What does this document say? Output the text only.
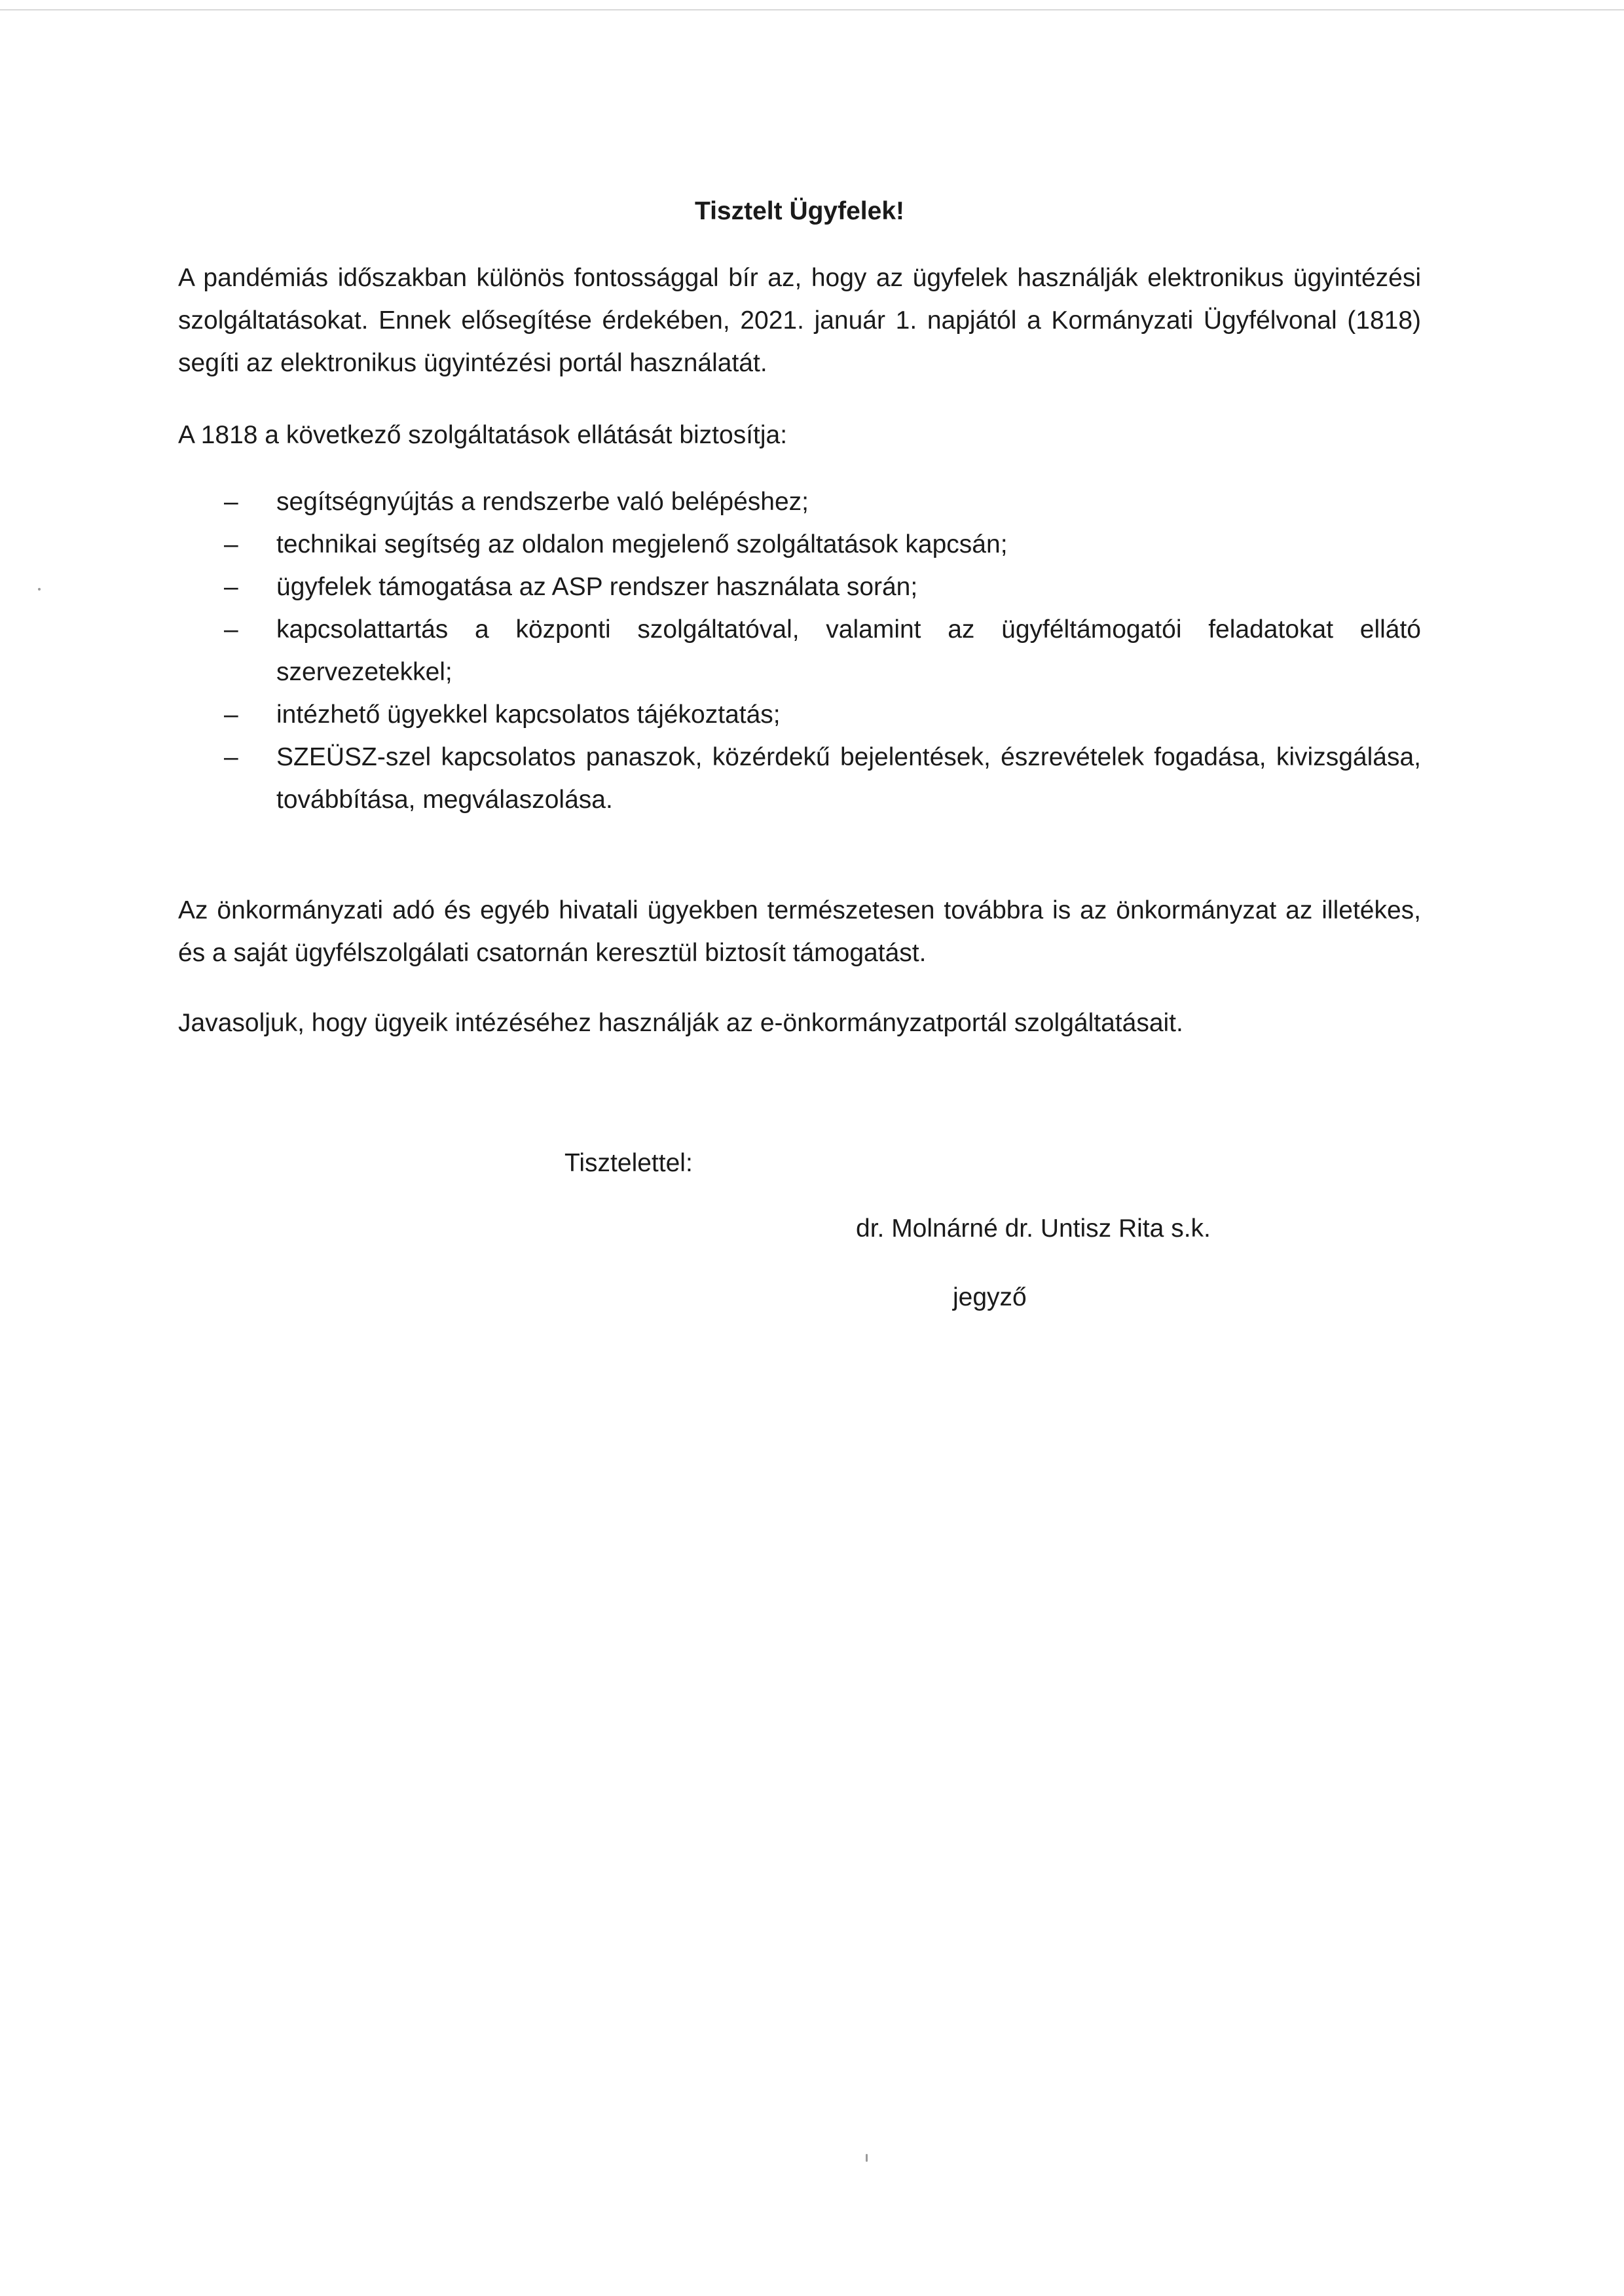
Tisztelt Ügyfelek!

A pandémiás időszakban különös fontossággal bír az, hogy az ügyfelek használják elektronikus ügyintézési szolgáltatásokat. Ennek elősegítése érdekében, 2021. január 1. napjától a Kormányzati Ügyfélvonal (1818) segíti az elektronikus ügyintézési portál használatát.

A 1818 a következő szolgáltatások ellátását biztosítja:

– segítségnyújtás a rendszerbe való belépéshez;
– technikai segítség az oldalon megjelenő szolgáltatások kapcsán;
– ügyfelek támogatása az ASP rendszer használata során;
– kapcsolattartás a központi szolgáltatóval, valamint az ügyféltámogatói feladatokat ellátó szervezetekkel;
– intézhető ügyekkel kapcsolatos tájékoztatás;
– SZEÜSZ-szel kapcsolatos panaszok, közérdekű bejelentések, észrevételek fogadása, kivizsgálása, továbbítása, megválaszolása.

Az önkormányzati adó és egyéb hivatali ügyekben természetesen továbbra is az önkormányzat az illetékes, és a saját ügyfélszolgálati csatornán keresztül biztosít támogatást.

Javasoljuk, hogy ügyeik intézéséhez használják az e-önkormányzatportál szolgáltatásait.

Tisztelettel:
dr. Molnárné dr. Untisz Rita s.k.
jegyző
